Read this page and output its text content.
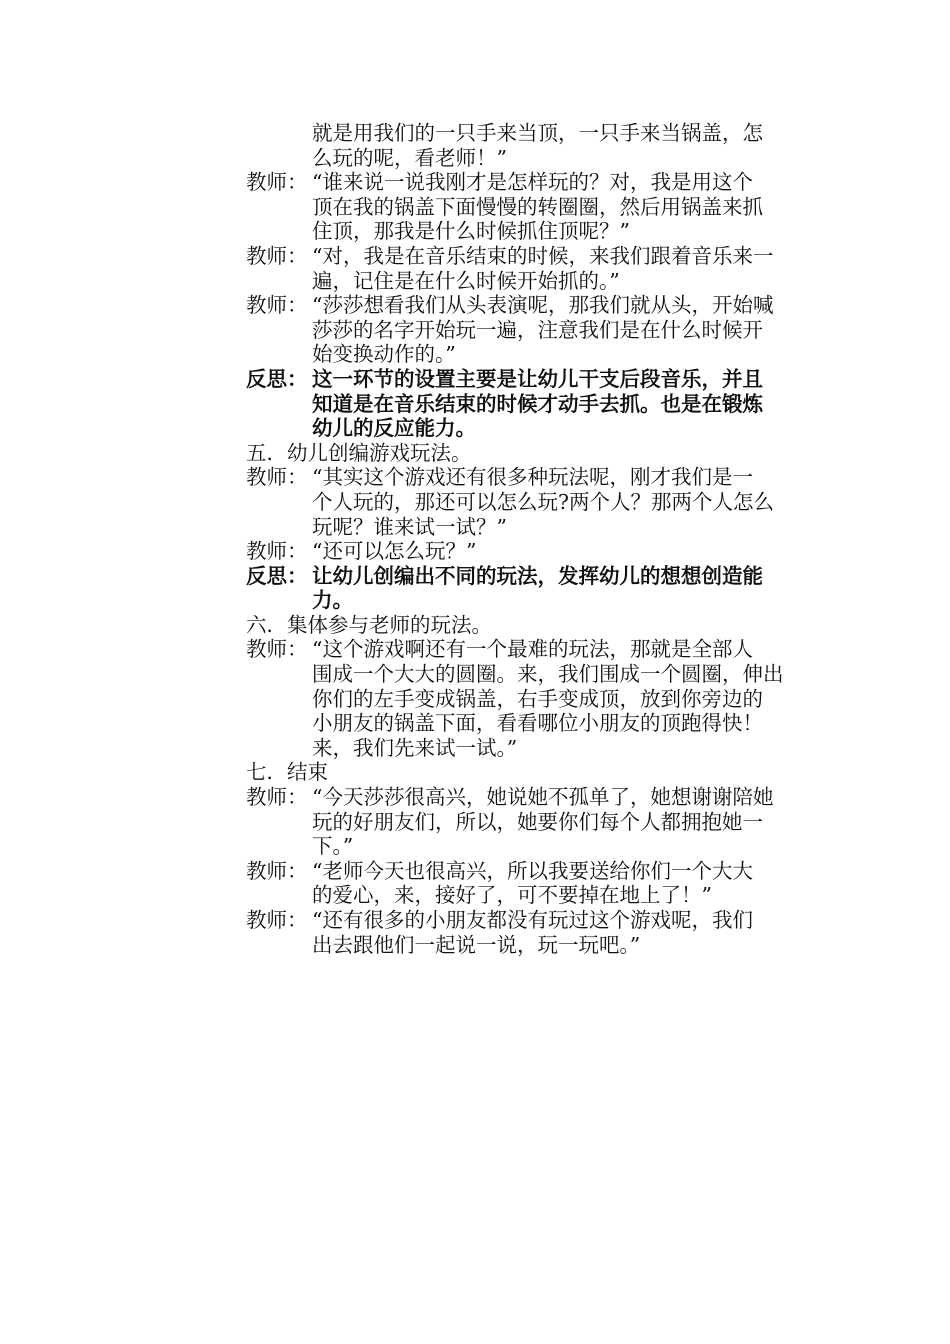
就是用我们的一只手来当顶，一只手来当锅盖，怎
么玩的呢，看老师！”
教师： “谁来说一说我刚才是怎样玩的？对，我是用这个
顶在我的锅盖下面慢慢的转圈圈，然后用锅盖来抓
住顶，那我是什么时候抓住顶呢？”
教师： “对，我是在音乐结束的时候，来我们跟着音乐来一
遍，记住是在什么时候开始抓的。”
教师： “莎莎想看我们从头表演呢，那我们就从头，开始喊
莎莎的名字开始玩一遍，注意我们是在什么时候开
始变换动作的。”
反思： 这一环节的设置主要是让幼儿干支后段音乐，并且
知道是在音乐结束的时候才动手去抓。也是在锻炼
幼儿的反应能力。
五．幼儿创编游戏玩法。
教师： “其实这个游戏还有很多种玩法呢，刚才我们是一
个人玩的，那还可以怎么玩?两个人？那两个人怎么
玩呢？谁来试一试？”
教师： “还可以怎么玩？”
反思： 让幼儿创编出不同的玩法，发挥幼儿的想想创造能
力。
六．集体参与老师的玩法。
教师： “这个游戏啊还有一个最难的玩法，那就是全部人
围成一个大大的圆圈。来，我们围成一个圆圈，伸出
你们的左手变成锅盖，右手变成顶，放到你旁边的
小朋友的锅盖下面，看看哪位小朋友的顶跑得快！
来，我们先来试一试。”
七．结束
教师： “今天莎莎很高兴，她说她不孤单了，她想谢谢陪她
玩的好朋友们，所以，她要你们每个人都拥抱她一
下。”
教师： “老师今天也很高兴，所以我要送给你们一个大大
的爱心，来，接好了，可不要掉在地上了！”
教师： “还有很多的小朋友都没有玩过这个游戏呢，我们
出去跟他们一起说一说，玩一玩吧。”
